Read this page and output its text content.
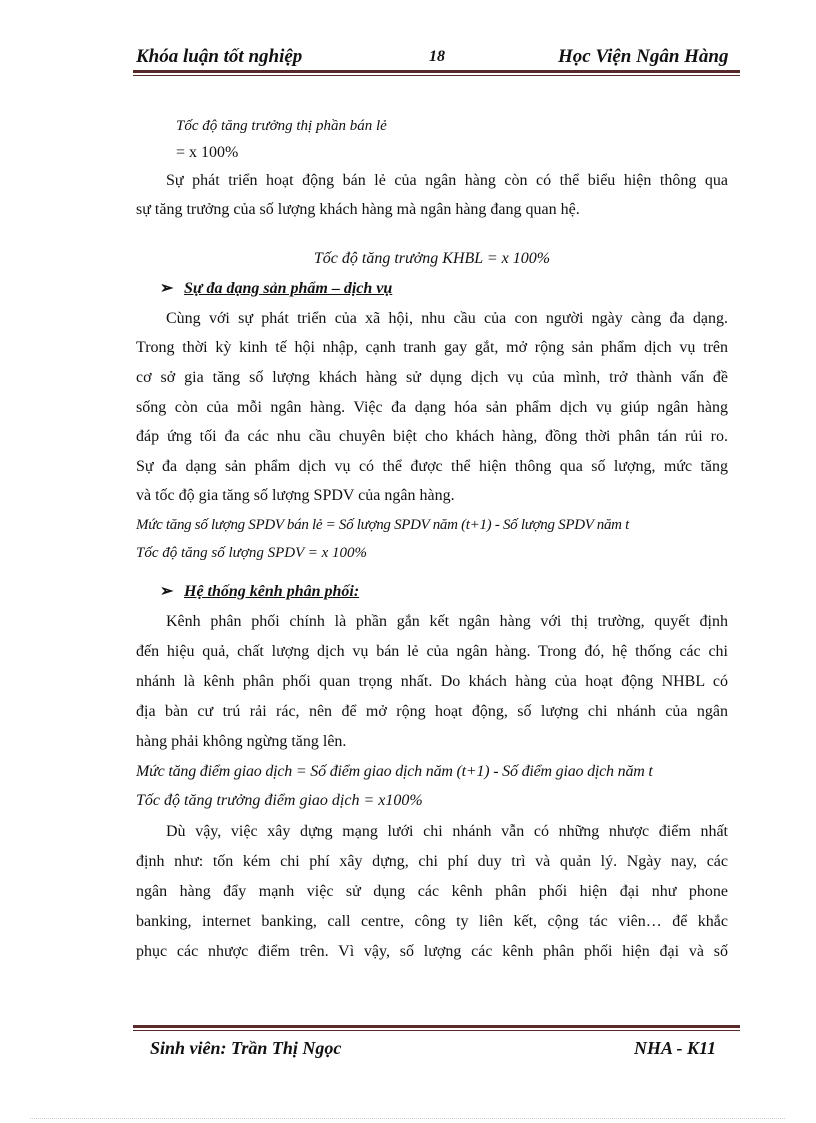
Khóa luận tốt nghiệp	18	Học Viện Ngân Hàng
Tốc độ tăng trưởng thị phần bán lẻ
= x 100%
Sự phát triển hoạt động bán lẻ của ngân hàng còn có thể biểu hiện thông qua
sự tăng trưởng của số lượng khách hàng mà ngân hàng đang quan hệ.
Tốc độ tăng trưởng KHBL = x 100%
➢ Sự đa dạng sản phẩm – dịch vụ
Cùng với sự phát triển của xã hội, nhu cầu của con người ngày càng đa dạng.
Trong thời kỳ kinh tế hội nhập, cạnh tranh gay gắt, mở rộng sản phẩm dịch vụ trên
cơ sở gia tăng số lượng khách hàng sử dụng dịch vụ của mình, trở thành vấn đề
sống còn của mỗi ngân hàng. Việc đa dạng hóa sản phẩm dịch vụ giúp ngân hàng
đáp ứng tối đa các nhu cầu chuyên biệt cho khách hàng, đồng thời phân tán rủi ro.
Sự đa dạng sản phẩm dịch vụ có thể được thể hiện thông qua số lượng, mức tăng
và tốc độ gia tăng số lượng SPDV của ngân hàng.
Mức tăng số lượng SPDV bán lẻ = Số lượng SPDV năm (t+1) - Số lượng SPDV năm t
Tốc độ tăng số lượng SPDV = x 100%
➢ Hệ thống kênh phân phối:
Kênh phân phối chính là phần gắn kết ngân hàng với thị trường, quyết định
đến hiệu quả, chất lượng dịch vụ bán lẻ của ngân hàng. Trong đó, hệ thống các chi
nhánh là kênh phân phối quan trọng nhất. Do khách hàng của hoạt động NHBL có
địa bàn cư trú rải rác, nên để mở rộng hoạt động, số lượng chi nhánh của ngân
hàng phải không ngừng tăng lên.
Mức tăng điểm giao dịch = Số điểm giao dịch năm (t+1) - Số điểm giao dịch năm t
Tốc độ tăng trưởng điểm giao dịch = x100%
Dù vậy, việc xây dựng mạng lưới chi nhánh vẫn có những nhược điểm nhất
định như: tốn kém chi phí xây dựng, chi phí duy trì và quản lý. Ngày nay, các
ngân hàng đẩy mạnh việc sử dụng các kênh phân phối hiện đại như phone
banking, internet banking, call centre, công ty liên kết, cộng tác viên… để khắc
phục các nhược điểm trên. Vì vậy, số lượng các kênh phân phối hiện đại và số
Sinh viên: Trần Thị Ngọc	NHA - K11
